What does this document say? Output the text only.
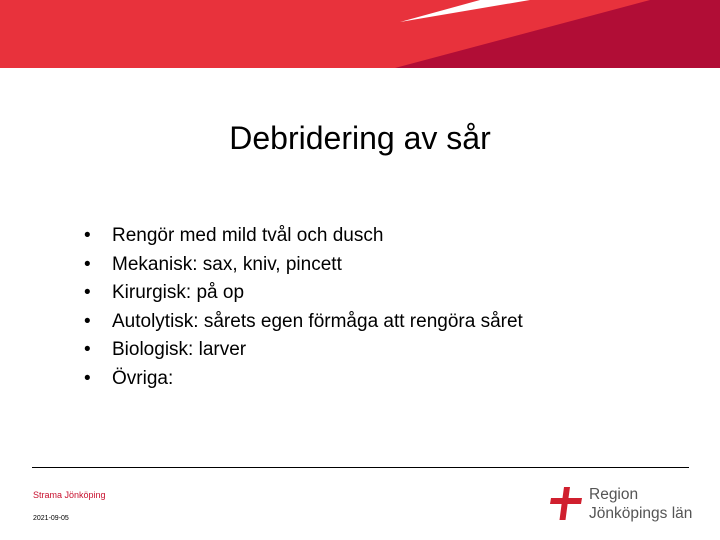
Debridering av sår
•	Rengör med mild tvål och dusch
•	Mekanisk: sax, kniv, pincett
•	Kirurgisk: på op
•	Autolytisk: sårets egen förmåga att rengöra såret
•	Biologisk: larver
•	Övriga:
Strama Jönköping
2021-09-05
Region
Jönköpings län
